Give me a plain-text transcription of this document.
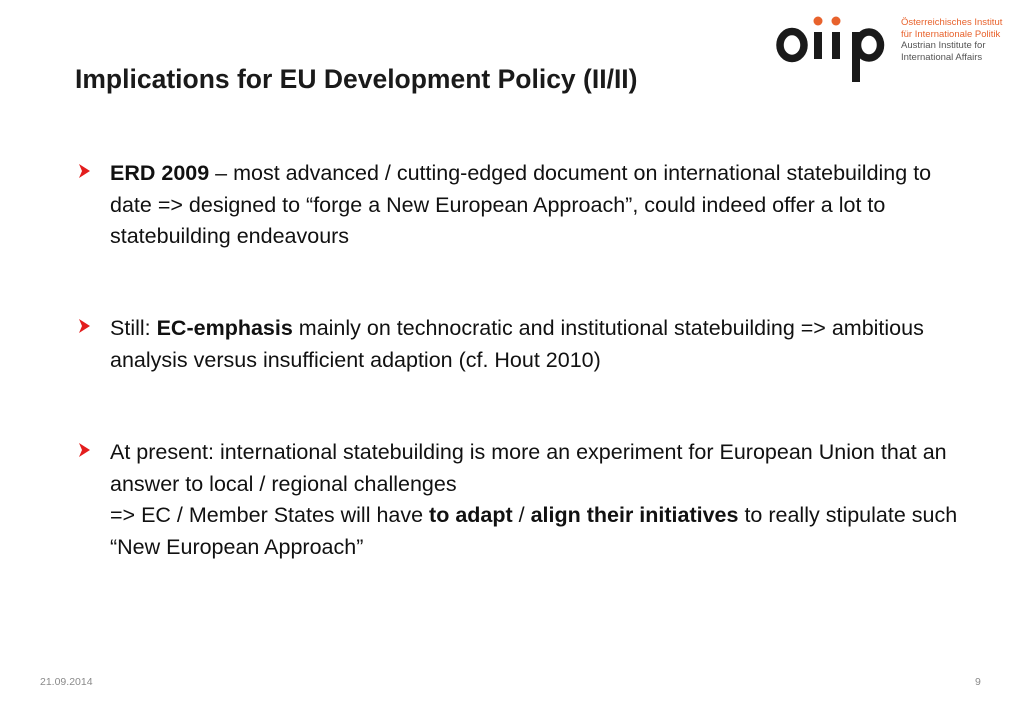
Implications for EU Development Policy (II/II)
Österreichisches Institut
für Internationale Politik
Austrian Institute for
International Affairs

ERD 2009 – most advanced / cutting-edged document on international statebuilding to date => designed to “forge a New European Approach”, could indeed offer a lot to statebuilding endeavours

Still: EC-emphasis mainly on technocratic and institutional statebuilding => ambitious analysis versus insufficient adaption (cf. Hout 2010)

At present: international statebuilding is more an experiment for European Union that an answer to local / regional challenges
=> EC / Member States will have to adapt / align their initiatives to really stipulate such “New European Approach”

21.09.2014	9
